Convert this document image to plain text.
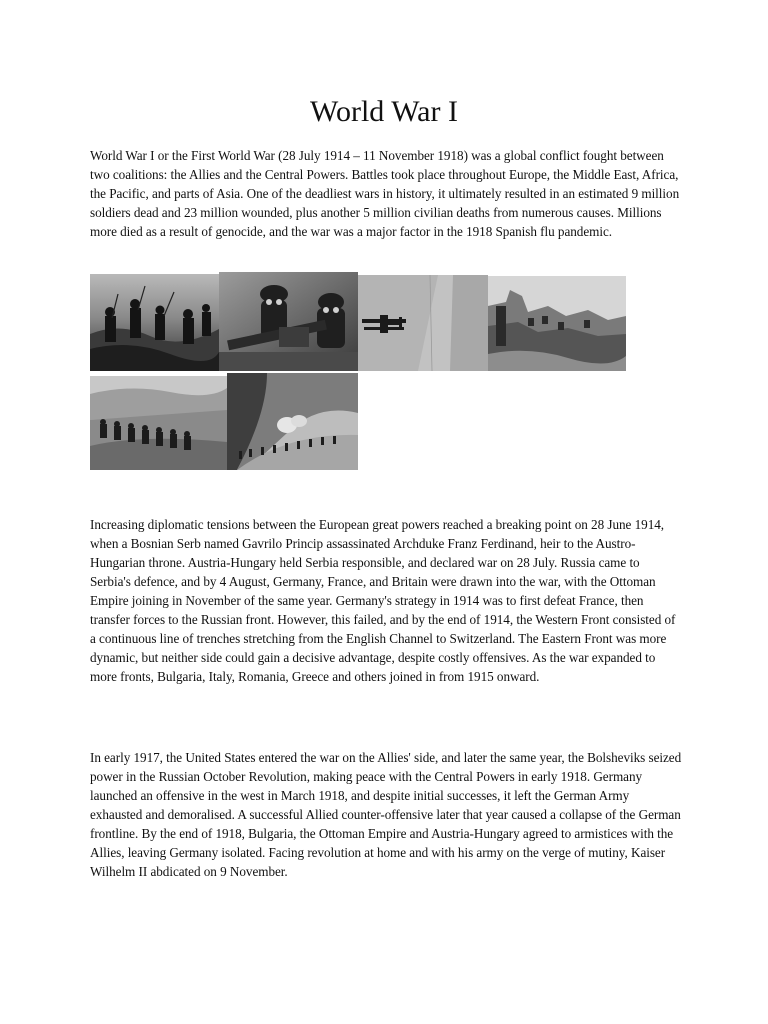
World War I

World War I or the First World War (28 July 1914 – 11 November 1918) was a global conflict fought between two coalitions: the Allies and the Central Powers. Battles took place throughout Europe, the Middle East, Africa, the Pacific, and parts of Asia. One of the deadliest wars in history, it ultimately resulted in an estimated 9 million soldiers dead and 23 million wounded, plus another 5 million civilian deaths from numerous causes. Millions more died as a result of genocide, and the war was a major factor in the 1918 Spanish flu pandemic.

Increasing diplomatic tensions between the European great powers reached a breaking point on 28 June 1914, when a Bosnian Serb named Gavrilo Princip assassinated Archduke Franz Ferdinand, heir to the Austro-Hungarian throne. Austria-Hungary held Serbia responsible, and declared war on 28 July. Russia came to Serbia's defence, and by 4 August, Germany, France, and Britain were drawn into the war, with the Ottoman Empire joining in November of the same year. Germany's strategy in 1914 was to first defeat France, then transfer forces to the Russian front. However, this failed, and by the end of 1914, the Western Front consisted of a continuous line of trenches stretching from the English Channel to Switzerland. The Eastern Front was more dynamic, but neither side could gain a decisive advantage, despite costly offensives. As the war expanded to more fronts, Bulgaria, Italy, Romania, Greece and others joined in from 1915 onward.

In early 1917, the United States entered the war on the Allies' side, and later the same year, the Bolsheviks seized power in the Russian October Revolution, making peace with the Central Powers in early 1918. Germany launched an offensive in the west in March 1918, and despite initial successes, it left the German Army exhausted and demoralised. A successful Allied counter-offensive later that year caused a collapse of the German frontline. By the end of 1918, Bulgaria, the Ottoman Empire and Austria-Hungary agreed to armistices with the Allies, leaving Germany isolated. Facing revolution at home and with his army on the verge of mutiny, Kaiser Wilhelm II abdicated on 9 November.
